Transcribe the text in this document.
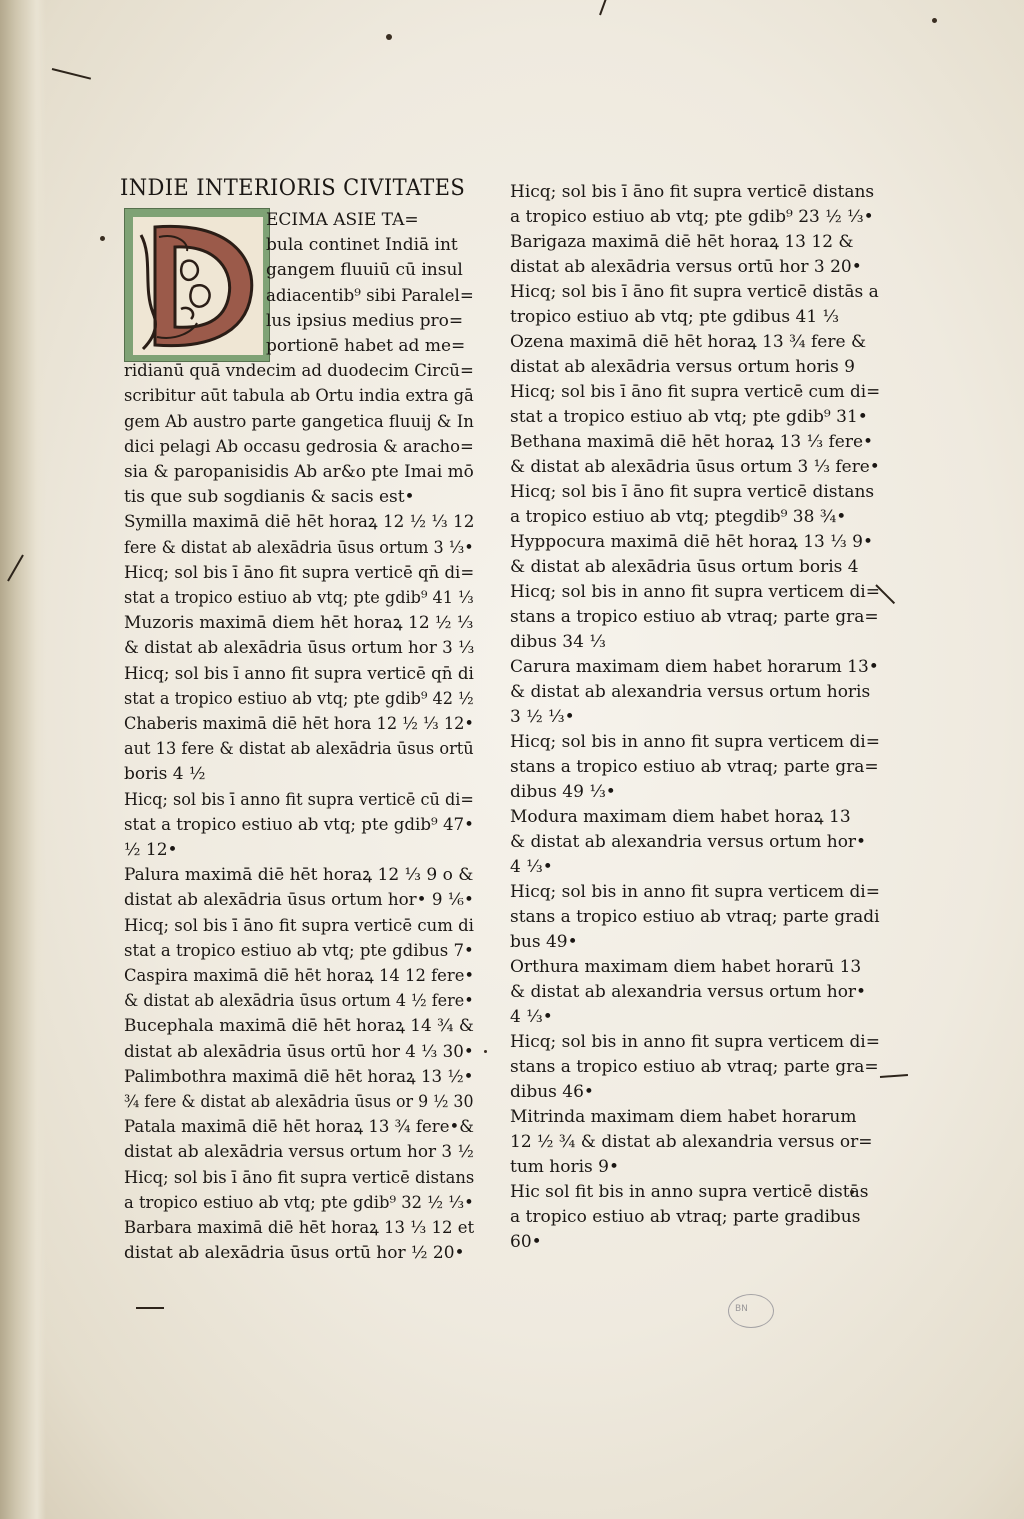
INDIE INTERIORIS CIVITATES
ECIMA ASIE TA=
bula continet Indiā int
gangem fluuiū cū insul
adiacentib⁹ sibi Paralel=
lus ipsius medius pro=
portionē habet ad me=
ridianū quā vndecim ad duodecim Circū=
scribitur aūt tabula ab Ortu india extra gā
gem Ab austro parte gangetica fluuij & In
dici pelagi Ab occasu gedrosia & aracho=
sia & paropanisidis Ab ar&o pte Imai mō
tis que sub sogdianis & sacis est•
Symilla maximā diē hēt horaꝝ 12 ½ ⅓ 12
fere & distat ab alexādria ūsus ortum 3 ⅓•
Hicq; sol bis ī āno fit supra verticē qn̄ di=
stat a tropico estiuo ab vtq; pte gdib⁹ 41 ⅓
Muzoris maximā diem hēt horaꝝ 12 ½ ⅓
& distat ab alexādria ūsus ortum hor 3 ⅓
Hicq; sol bis ī anno fit supra verticē qn̄ di
stat a tropico estiuo ab vtq; pte gdib⁹ 42 ½
Chaberis maximā diē hēt hora 12 ½ ⅓ 12•
aut 13 fere & distat ab alexādria ūsus ortū
boris 4 ½
Hicq; sol bis ī anno fit supra verticē cū di=
stat a tropico estiuo ab vtq; pte gdib⁹ 47•
½ 12•
Palura maximā diē hēt horaꝝ 12 ⅓ 9 o &
distat ab alexādria ūsus ortum hor• 9 ⅙•
Hicq; sol bis ī āno fit supra verticē cum di
stat a tropico estiuo ab vtq; pte gdibus 7•
Caspira maximā diē hēt horaꝝ 14 12 fere•
& distat ab alexādria ūsus ortum 4 ½ fere•
Bucephala maximā diē hēt horaꝝ 14 ¾ &
distat ab alexādria ūsus ortū hor 4 ⅓ 30•
Palimbothra maximā diē hēt horaꝝ 13 ½•
¾ fere & distat ab alexādria ūsus or 9 ½ 30
Patala maximā diē hēt horaꝝ 13 ¾ fere•&
distat ab alexādria versus ortum hor 3 ½
Hicq; sol bis ī āno fit supra verticē distans
a tropico estiuo ab vtq; pte gdib⁹ 32 ½ ⅓•
Barbara maximā diē hēt horaꝝ 13 ⅓ 12 et
distat ab alexādria ūsus ortū hor ½ 20•
Hicq; sol bis ī āno fit supra verticē distans
a tropico estiuo ab vtq; pte gdib⁹ 23 ½ ⅓•
Barigaza maximā diē hēt horaꝝ 13 12 &
distat ab alexādria versus ortū hor 3 20•
Hicq; sol bis ī āno fit supra verticē distās a
tropico estiuo ab vtq; pte gdibus 41 ⅓
Ozena maximā diē hēt horaꝝ 13 ¾ fere &
distat ab alexādria versus ortum horis 9
Hicq; sol bis ī āno fit supra verticē cum di=
stat a tropico estiuo ab vtq; pte gdib⁹ 31•
Bethana maximā diē hēt horaꝝ 13 ⅓ fere•
& distat ab alexādria ūsus ortum 3 ⅓ fere•
Hicq; sol bis ī āno fit supra verticē distans
a tropico estiuo ab vtq; ptegdib⁹ 38 ¾•
Hyppocura maximā diē hēt horaꝝ 13 ⅓ 9•
& distat ab alexādria ūsus ortum boris 4
Hicq; sol bis in anno fit supra verticem di=
stans a tropico estiuo ab vtraq; parte gra=
dibus 34 ⅓
Carura maximam diem habet horarum 13•
& distat ab alexandria versus ortum horis
3 ½ ⅓•
Hicq; sol bis in anno fit supra verticem di=
stans a tropico estiuo ab vtraq; parte gra=
dibus 49 ⅓•
Modura maximam diem habet horaꝝ 13
& distat ab alexandria versus ortum hor•
4 ⅓•
Hicq; sol bis in anno fit supra verticem di=
stans a tropico estiuo ab vtraq; parte gradi
bus 49•
Orthura maximam diem habet horarū 13
& distat ab alexandria versus ortum hor•
4 ⅓•
Hicq; sol bis in anno fit supra verticem di=
stans a tropico estiuo ab vtraq; parte gra=
dibus 46•
Mitrinda maximam diem habet horarum
12 ½ ¾ & distat ab alexandria versus or=
tum horis 9•
Hic sol fit bis in anno supra verticē distās
a tropico estiuo ab vtraq; parte gradibus
60•
BN
